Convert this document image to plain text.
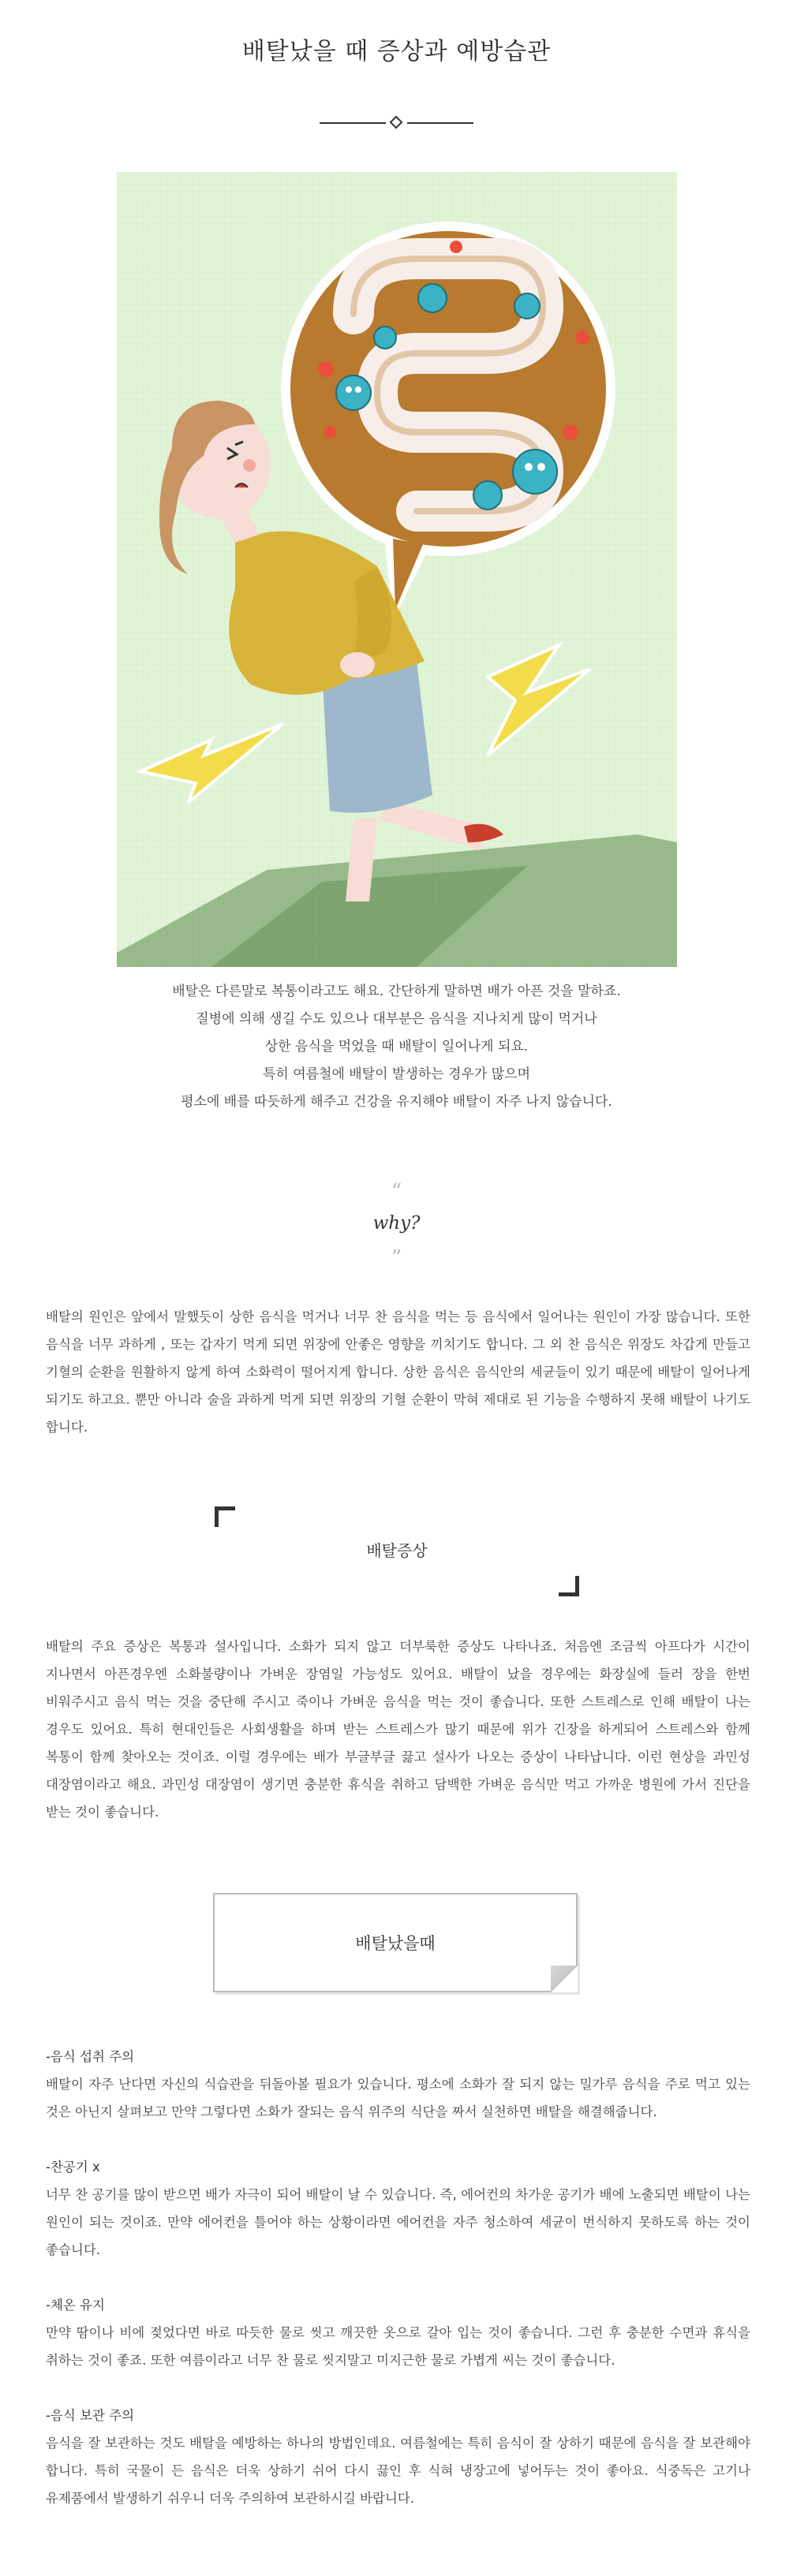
배탈났을 때 증상과 예방습관

배탈은 다른말로 복통이라고도 해요. 간단하게 말하면 배가 아픈 것을 말하죠.

질병에 의해 생길 수도 있으나 대부분은 음식을 지나치게 많이 먹거나

상한 음식을 먹었을 때 배탈이 일어나게 되요.

특히 여름철에 배탈이 발생하는 경우가 많으며

평소에 배를 따듯하게 해주고 건강을 유지해야 배탈이 자주 나지 않습니다.

“
why?
”

배탈의 원인은 앞에서 말했듯이 상한 음식을 먹거나 너무 찬 음식을 먹는 등 음식에서 일어나는 원인이 가장 많습니다. 또한 음식을 너무 과하게 , 또는 갑자기 먹게 되면 위장에 안좋은 영향을 끼치기도 합니다. 그 외 찬 음식은 위장도 차갑게 만들고 기혈의 순환을 원활하지 않게 하여 소화력이 떨어지게 합니다. 상한 음식은 음식안의 세균들이 있기 때문에 배탈이 일어나게 되기도 하고요. 뿐만 아니라 술을 과하게 먹게 되면 위장의 기혈 순환이 막혀 제대로 된 기능을 수행하지 못해 배탈이 나기도 합니다.

배탈증상

배탈의 주요 증상은 복통과 설사입니다. 소화가 되지 않고 더부룩한 증상도 나타나죠. 처음엔 조금씩 아프다가 시간이 지나면서 아픈경우엔 소화불량이나 가벼운 장염일 가능성도 있어요. 배탈이 났을 경우에는 화장실에 들러 장을 한번 비워주시고 음식 먹는 것을 중단해 주시고 죽이나 가벼운 음식을 먹는 것이 좋습니다. 또한 스트레스로 인해 배탈이 나는 경우도 있어요. 특히 현대인들은 사회생활을 하며 받는 스트레스가 많기 때문에 위가 긴장을 하게되어 스트레스와 함께 복통이 함께 찾아오는 것이죠. 이럴 경우에는 배가 부글부글 끓고 설사가 나오는 증상이 나타납니다. 이런 현상을 과민성 대장염이라고 해요. 과민성 대장염이 생기면 충분한 휴식을 취하고 담백한 가벼운 음식만 먹고 가까운 병원에 가서 진단을 받는 것이 좋습니다.

배탈났을때

-음식 섭취 주의

배탈이 자주 난다면 자신의 식습관을 뒤돌아볼 필요가 있습니다. 평소에 소화가 잘 되지 않는 밀가루 음식을 주로 먹고 있는 것은 아닌지 살펴보고 만약 그렇다면 소화가 잘되는 음식 위주의 식단을 짜서 실천하면 배탈을 해결해줍니다.

-찬공기 x

너무 찬 공기를 많이 받으면 배가 자극이 되어 배탈이 날 수 있습니다. 즉, 에어컨의 차가운 공기가 배에 노출되면 배탈이 나는 원인이 되는 것이죠. 만약 에어컨을 틀어야 하는 상황이라면 에어컨을 자주 청소하여 세균이 번식하지 못하도록 하는 것이 좋습니다.

-체온 유지

만약 땀이나 비에 젖었다면 바로 따듯한 물로 씻고 깨끗한 옷으로 갈아 입는 것이 좋습니다. 그런 후 충분한 수면과 휴식을 취하는 것이 좋죠. 또한 여름이라고 너무 찬 물로 씻지말고 미지근한 물로 가볍게 씨는 것이 좋습니다.

-음식 보관 주의

음식을 잘 보관하는 것도 배탈을 예방하는 하나의 방법인데요. 여름철에는 특히 음식이 잘 상하기 때문에 음식을 잘 보관해야 합니다. 특히 국물이 든 음식은 더욱 상하기 쉬어 다시 끓인 후 식혀 냉장고에 넣어두는 것이 좋아요. 식중독은 고기나 유제품에서 발생하기 쉬우니 더욱 주의하여 보관하시길 바랍니다.
